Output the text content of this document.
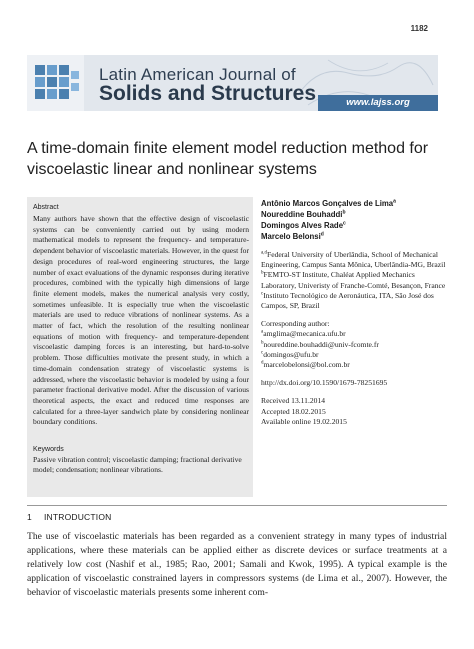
1182
Latin American Journal of
Solids and Structures	www.lajss.org
A time-domain finite element model reduction method for viscoelastic linear and nonlinear systems
Abstract
Many authors have shown that the effective design of viscoelastic systems can be conveniently carried out by using modern mathematical models to represent the frequency- and temperature-dependent behavior of viscoelastic materials. However, in the quest for design procedures of real-word engineering structures, the large number of exact evaluations of the dynamic responses during iterative procedures, combined with the typically high dimensions of large finite element models, makes the numerical analysis very costly, sometimes unfeasible. It is especially true when the viscoelastic materials are used to reduce vibrations of nonlinear systems. As a matter of fact, which the resolution of the resulting nonlinear equations of motion with frequency- and temperature-dependent viscoelastic damping forces is an interesting, but hard-to-solve problem. Those difficulties motivate the present study, in which a time-domain condensation strategy of viscoelastic systems is addressed, where the viscoelastic behavior is modeled by using a four parameter fractional derivative model. After the discussion of various theoretical aspects, the exact and reduced time responses are calculated for a three-layer sandwich plate by considering nonlinear boundary conditions.
Keywords
Passive vibration control; viscoelastic damping; fractional derivative model; condensation; nonlinear vibrations.
Antônio Marcos Gonçalves de Lima$^a$
Noureddine Bouhaddi$^b$
Domingos Alves Rade$^c$
Marcelo Belonsi$^d$

$^{a,d}$Federal University of Uberlândia, School of Mechanical Engineering, Campus Santa Mônica, Uberlândia-MG, Brazil

$^b$FEMTO-ST Institute, Chaléat Applied Mechanics Laboratory, Univeristy of Franche-Comté, Besançon, France

$^c$Instituto Tecnológico de Aeronáutica, ITA, São José dos Campos, SP, Brazil

Corresponding author:

$^a$amglima@mecanica.ufu.br

$^b$noureddine.bouhaddi@univ-fcomte.fr

$^c$domingos@ufu.br

$^d$marcelobelonsi@bol.com.br

http://dx.doi.org/10.1590/1679-78251695

Received 13.11.2014

Accepted 18.02.2015

Available online 19.02.2015

1 INTRODUCTION

The use of viscoelastic materials has been regarded as a convenient strategy in many types of industrial applications, where these materials can be applied either as discrete devices or surface treatments at a relatively low cost (Nashif et al., 1985; Rao, 2001; Samali and Kwok, 1995). A typical example is the application of viscoelastic constrained layers in compressors systems (de Lima et al., 2007). However, the behavior of viscoelastic materials presents some inherent com-
